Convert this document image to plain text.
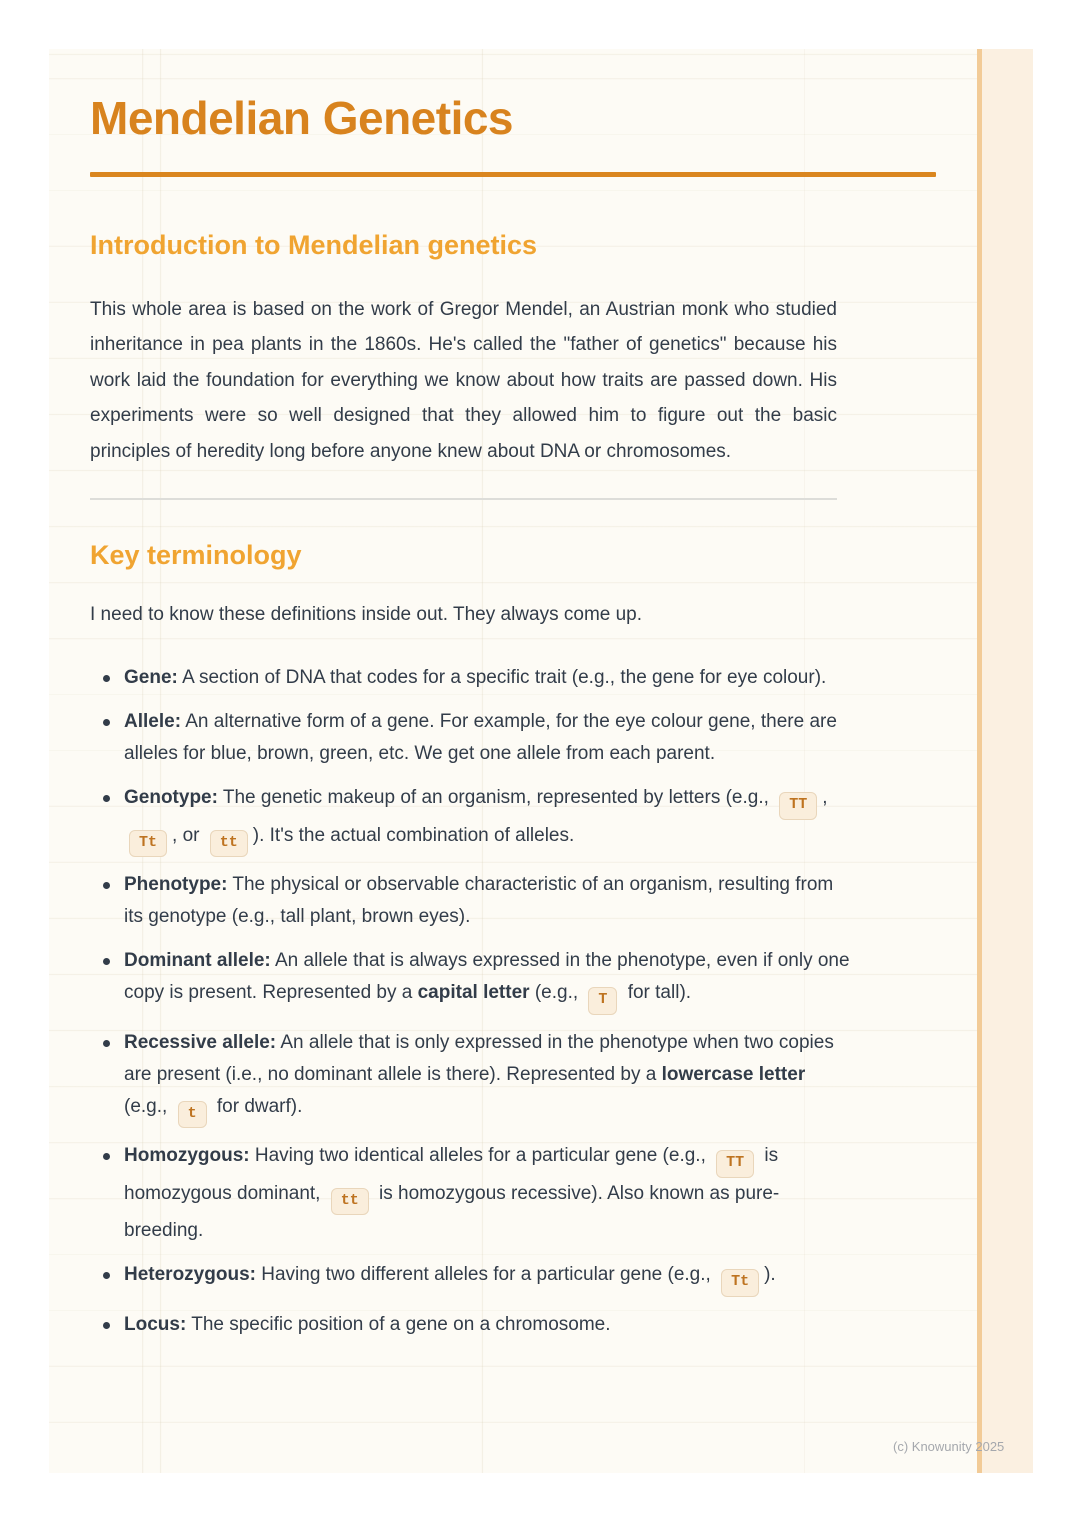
Mendelian Genetics
Introduction to Mendelian genetics

This whole area is based on the work of Gregor Mendel, an Austrian monk who studied inheritance in pea plants in the 1860s. He's called the "father of genetics" because his work laid the foundation for everything we know about how traits are passed down. His experiments were so well designed that they allowed him to figure out the basic principles of heredity long before anyone knew about DNA or chromosomes.

Key terminology

I need to know these definitions inside out. They always come up.

Gene: A section of DNA that codes for a specific trait (e.g., the gene for eye colour).
Allele: An alternative form of a gene. For example, for the eye colour gene, there are alleles for blue, brown, green, etc. We get one allele from each parent.
Genotype: The genetic makeup of an organism, represented by letters (e.g., TT , Tt , or tt ). It's the actual combination of alleles.
Phenotype: The physical or observable characteristic of an organism, resulting from its genotype (e.g., tall plant, brown eyes).
Dominant allele: An allele that is always expressed in the phenotype, even if only one copy is present. Represented by a capital letter (e.g., T for tall).
Recessive allele: An allele that is only expressed in the phenotype when two copies are present (i.e., no dominant allele is there). Represented by a lowercase letter (e.g., t for dwarf).
Homozygous: Having two identical alleles for a particular gene (e.g., TT is homozygous dominant, tt is homozygous recessive). Also known as pure-breeding.
Heterozygous: Having two different alleles for a particular gene (e.g., Tt ).
Locus: The specific position of a gene on a chromosome.
(c) Knowunity 2025
